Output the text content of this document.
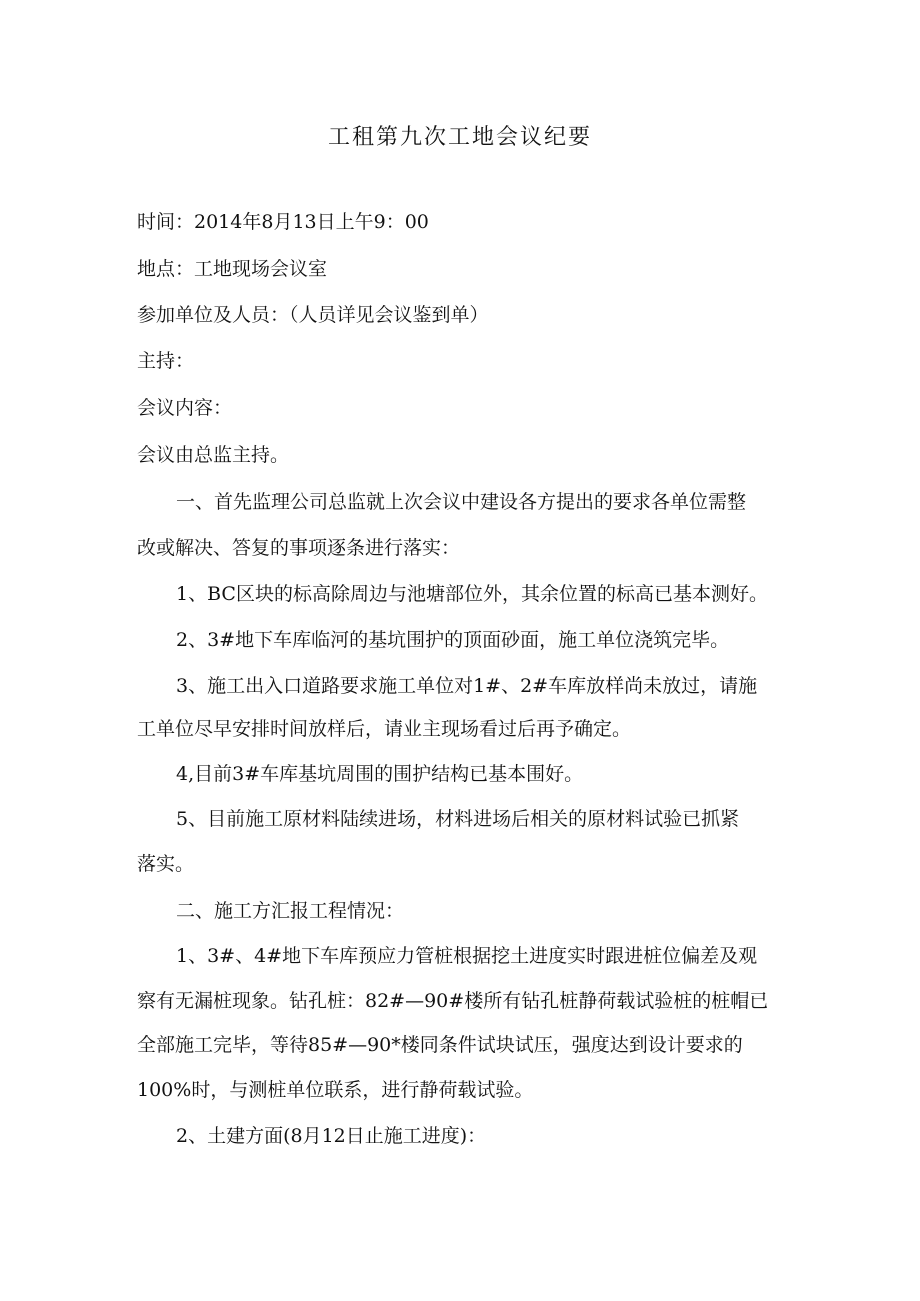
工租第九次工地会议纪要
时间：2014年8月13日上午9：00
地点：工地现场会议室
参加单位及人员：（人员详见会议鉴到单）
主持：
会议内容：
会议由总监主持。
一、首先监理公司总监就上次会议中建设各方提出的要求各单位需整
改或解决、答复的事项逐条进行落实：
1、BC区块的标高除周边与池塘部位外，其余位置的标高已基本测好。
2、3#地下车库临河的基坑围护的顶面砂面，施工单位浇筑完毕。
3、施工出入口道路要求施工单位对1#、2#车库放样尚未放过，请施
工单位尽早安排时间放样后，请业主现场看过后再予确定。
4,目前3#车库基坑周围的围护结构已基本围好。
5、目前施工原材料陆续进场，材料进场后相关的原材料试验已抓紧
落实。
二、施工方汇报工程情况：
1、3#、4#地下车库预应力管桩根据挖土进度实时跟进桩位偏差及观
察有无漏桩现象。钻孔桩：82#—90#楼所有钻孔桩静荷载试验桩的桩帽已
全部施工完毕，等待85#—90*楼同条件试块试压，强度达到设计要求的
100%时，与测桩单位联系，进行静荷载试验。
2、土建方面(8月12日止施工进度)：
